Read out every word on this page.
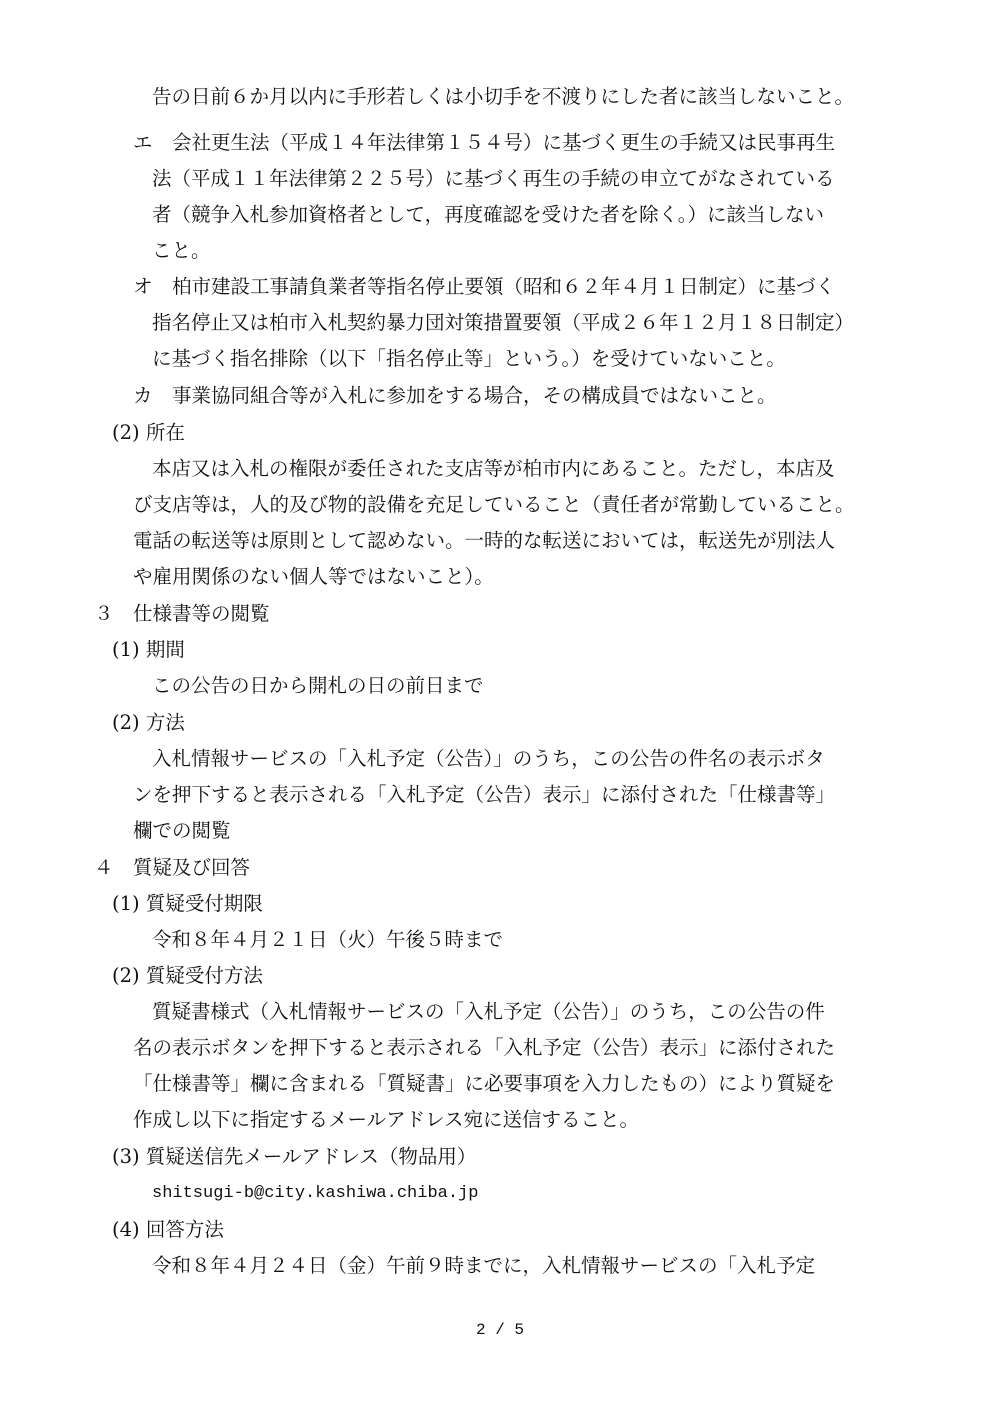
告の日前６か月以内に手形若しくは小切手を不渡りにした者に該当しないこと。
エ　会社更生法（平成１４年法律第１５４号）に基づく更生の手続又は民事再生
法（平成１１年法律第２２５号）に基づく再生の手続の申立てがなされている
者（競争入札参加資格者として，再度確認を受けた者を除く。）に該当しない
こと。
オ　柏市建設工事請負業者等指名停止要領（昭和６２年４月１日制定）に基づく
指名停止又は柏市入札契約暴力団対策措置要領（平成２６年１２月１８日制定）
に基づく指名排除（以下「指名停止等」という。）を受けていないこと。
カ　事業協同組合等が入札に参加をする場合，その構成員ではないこと。
(2) 所在
本店又は入札の権限が委任された支店等が柏市内にあること。ただし，本店及
び支店等は，人的及び物的設備を充足していること（責任者が常勤していること。
電話の転送等は原則として認めない。一時的な転送においては，転送先が別法人
や雇用関係のない個人等ではないこと）。
３　仕様書等の閲覧
(1) 期間
この公告の日から開札の日の前日まで
(2) 方法
入札情報サービスの「入札予定（公告）」のうち，この公告の件名の表示ボタ
ンを押下すると表示される「入札予定（公告）表示」に添付された「仕様書等」
欄での閲覧
４　質疑及び回答
(1) 質疑受付期限
令和８年４月２１日（火）午後５時まで
(2) 質疑受付方法
質疑書様式（入札情報サービスの「入札予定（公告）」のうち，この公告の件
名の表示ボタンを押下すると表示される「入札予定（公告）表示」に添付された
「仕様書等」欄に含まれる「質疑書」に必要事項を入力したもの）により質疑を
作成し以下に指定するメールアドレス宛に送信すること。
(3) 質疑送信先メールアドレス（物品用）
shitsugi-b@city.kashiwa.chiba.jp
(4) 回答方法
令和８年４月２４日（金）午前９時までに，入札情報サービスの「入札予定
2 / 5
